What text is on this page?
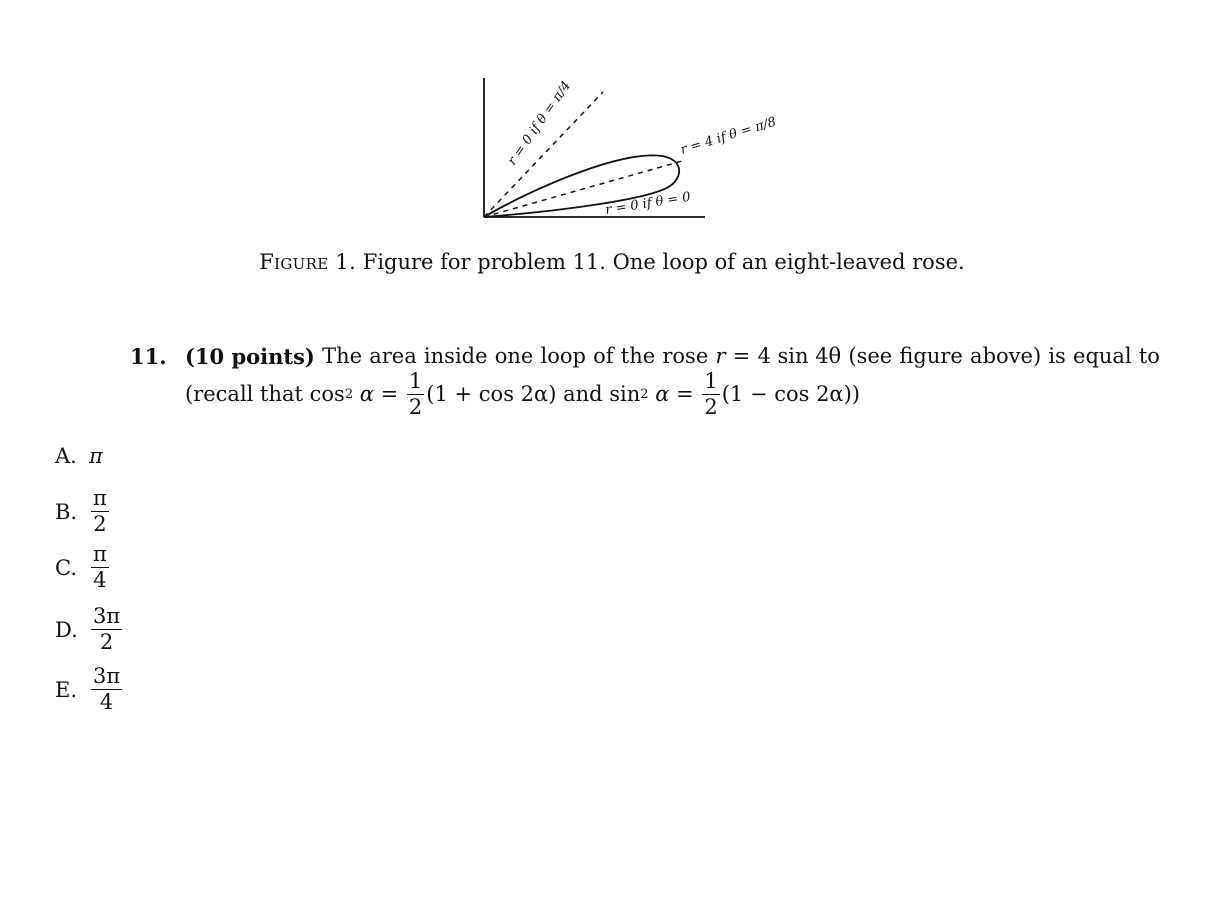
r = 0 if θ = π/4	r = 4 if θ = π/8
r = 0 if θ = 0
Figure 1. Figure for problem 11. One loop of an eight-leaved rose.
11. (10 points) The area inside one loop of the rose r = 4 sin 4θ (see figure above) is equal to
(recall that cos 2 $\alpha = \frac{1}{2} (1 + \cos 2\alpha)$ and sin 2 $\alpha = \frac{1}{2} (1 - \cos 2\alpha)$)
A. π
B. $\frac{\pi}{2}$
C. $\frac{\pi}{4}$
D. $\frac{3\pi}{2}$
E. $\frac{3\pi}{4}$
